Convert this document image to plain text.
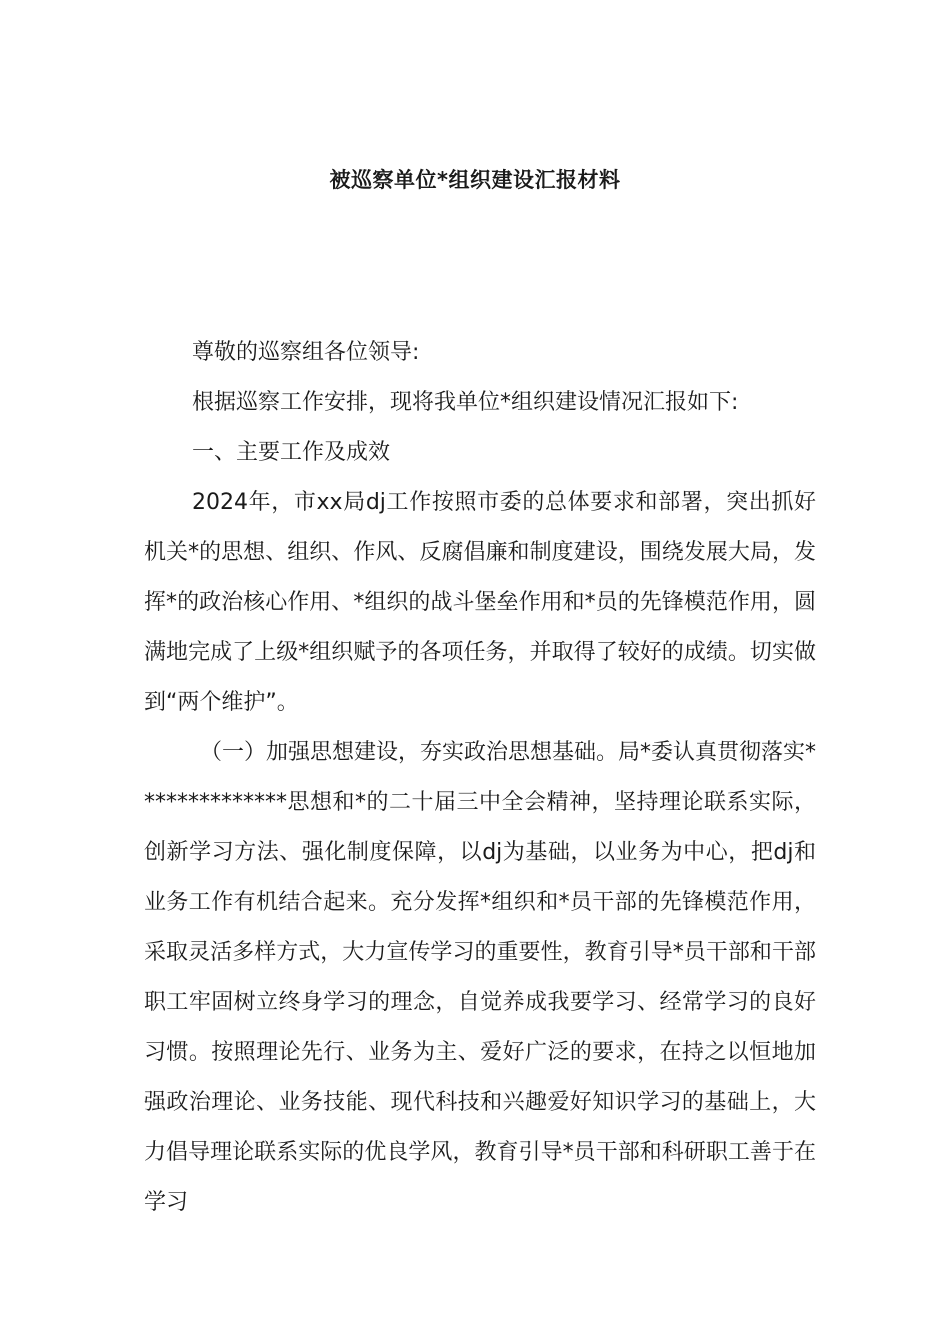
被巡察单位*组织建设汇报材料

尊敬的巡察组各位领导:

根据巡察工作安排，现将我单位*组织建设情况汇报如下:

一、主要工作及成效

2024年，市xx局dj工作按照市委的总体要求和部署，突出抓好机关*的思想、组织、作风、反腐倡廉和制度建设，围绕发展大局，发挥*的政治核心作用、*组织的战斗堡垒作用和*员的先锋模范作用，圆满地完成了上级*组织赋予的各项任务，并取得了较好的成绩。切实做到“两个维护”。

（一）加强思想建设，夯实政治思想基础。局*委认真贯彻落实**************思想和*的二十届三中全会精神，坚持理论联系实际，创新学习方法、强化制度保障，以dj为基础，以业务为中心，把dj和业务工作有机结合起来。充分发挥*组织和*员干部的先锋模范作用，采取灵活多样方式，大力宣传学习的重要性，教育引导*员干部和干部职工牢固树立终身学习的理念，自觉养成我要学习、经常学习的良好习惯。按照理论先行、业务为主、爱好广泛的要求，在持之以恒地加强政治理论、业务技能、现代科技和兴趣爱好知识学习的基础上，大力倡导理论联系实际的优良学风，教育引导*员干部和科研职工善于在学习
